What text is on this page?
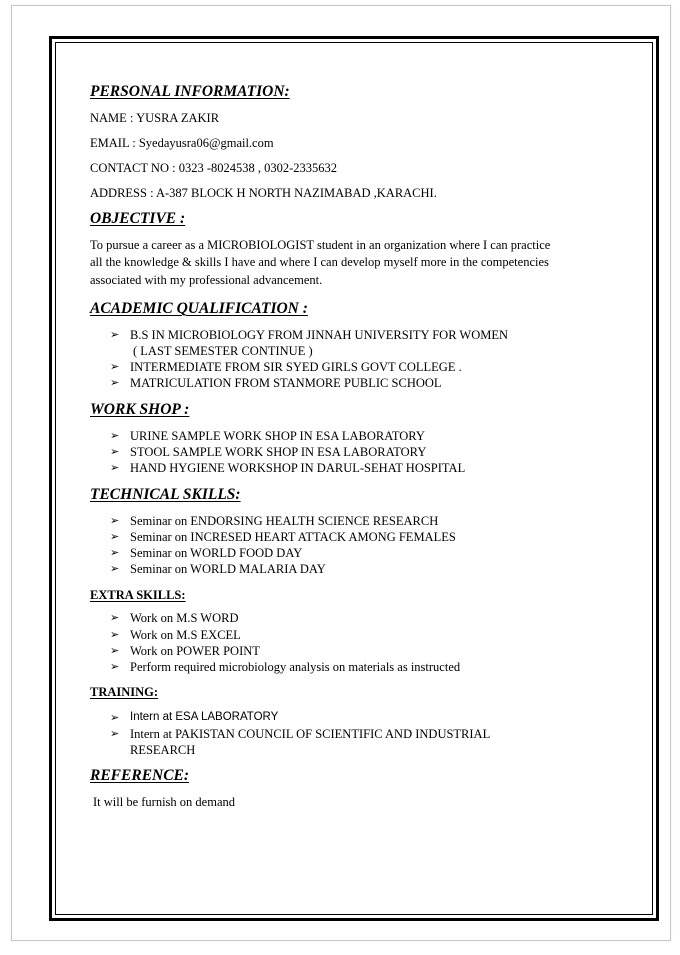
PERSONAL INFORMATION:
NAME : YUSRA ZAKIR
EMAIL : Syedayusra06@gmail.com
CONTACT NO : 0323 -8024538 , 0302-2335632
ADDRESS : A-387 BLOCK H NORTH NAZIMABAD ,KARACHI.
OBJECTIVE :
To pursue a career as a MICROBIOLOGIST student in an organization where I can practice
all the knowledge & skills I have and where I can develop myself more in the competencies
associated with my professional advancement.
ACADEMIC QUALIFICATION :
➢ B.S IN MICROBIOLOGY FROM JINNAH UNIVERSITY FOR WOMEN
( LAST SEMESTER CONTINUE )
➢ INTERMEDIATE FROM SIR SYED GIRLS GOVT COLLEGE .
➢ MATRICULATION FROM STANMORE PUBLIC SCHOOL
WORK SHOP :
➢ URINE SAMPLE WORK SHOP IN ESA LABORATORY
➢ STOOL SAMPLE WORK SHOP IN ESA LABORATORY
➢ HAND HYGIENE WORKSHOP IN DARUL-SEHAT HOSPITAL
TECHNICAL SKILLS:
➢ Seminar on ENDORSING HEALTH SCIENCE RESEARCH
➢ Seminar on INCRESED HEART ATTACK AMONG FEMALES
➢ Seminar on WORLD FOOD DAY
➢ Seminar on WORLD MALARIA DAY
EXTRA SKILLS:
➢ Work on M.S WORD
➢ Work on M.S EXCEL
➢ Work on POWER POINT
➢ Perform required microbiology analysis on materials as instructed
TRAINING:
➢ Intern at ESA LABORATORY
➢ Intern at PAKISTAN COUNCIL OF SCIENTIFIC AND INDUSTRIAL
RESEARCH
REFERENCE:
It will be furnish on demand
